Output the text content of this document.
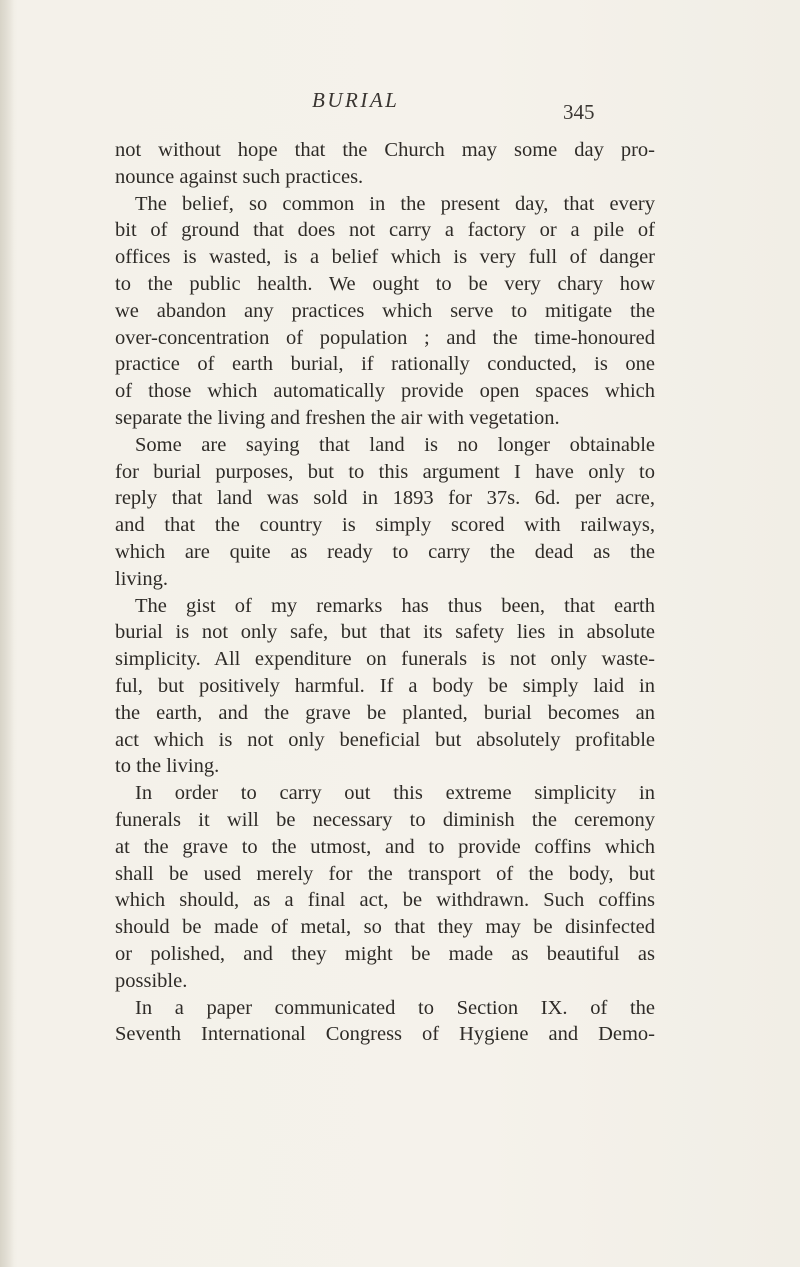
BURIAL	345
not without hope that the Church may some day pro-
nounce against such practices.
The belief, so common in the present day, that every
bit of ground that does not carry a factory or a pile of
offices is wasted, is a belief which is very full of danger
to the public health. We ought to be very chary how
we abandon any practices which serve to mitigate the
over-concentration of population ; and the time-honoured
practice of earth burial, if rationally conducted, is one
of those which automatically provide open spaces which
separate the living and freshen the air with vegetation.
Some are saying that land is no longer obtainable
for burial purposes, but to this argument I have only to
reply that land was sold in 1893 for 37s. 6d. per acre,
and that the country is simply scored with railways,
which are quite as ready to carry the dead as the
living.
The gist of my remarks has thus been, that earth
burial is not only safe, but that its safety lies in absolute
simplicity. All expenditure on funerals is not only waste-
ful, but positively harmful. If a body be simply laid in
the earth, and the grave be planted, burial becomes an
act which is not only beneficial but absolutely profitable
to the living.
In order to carry out this extreme simplicity in
funerals it will be necessary to diminish the ceremony
at the grave to the utmost, and to provide coffins which
shall be used merely for the transport of the body, but
which should, as a final act, be withdrawn. Such coffins
should be made of metal, so that they may be disinfected
or polished, and they might be made as beautiful as
possible.
In a paper communicated to Section IX. of the
Seventh International Congress of Hygiene and Demo-
